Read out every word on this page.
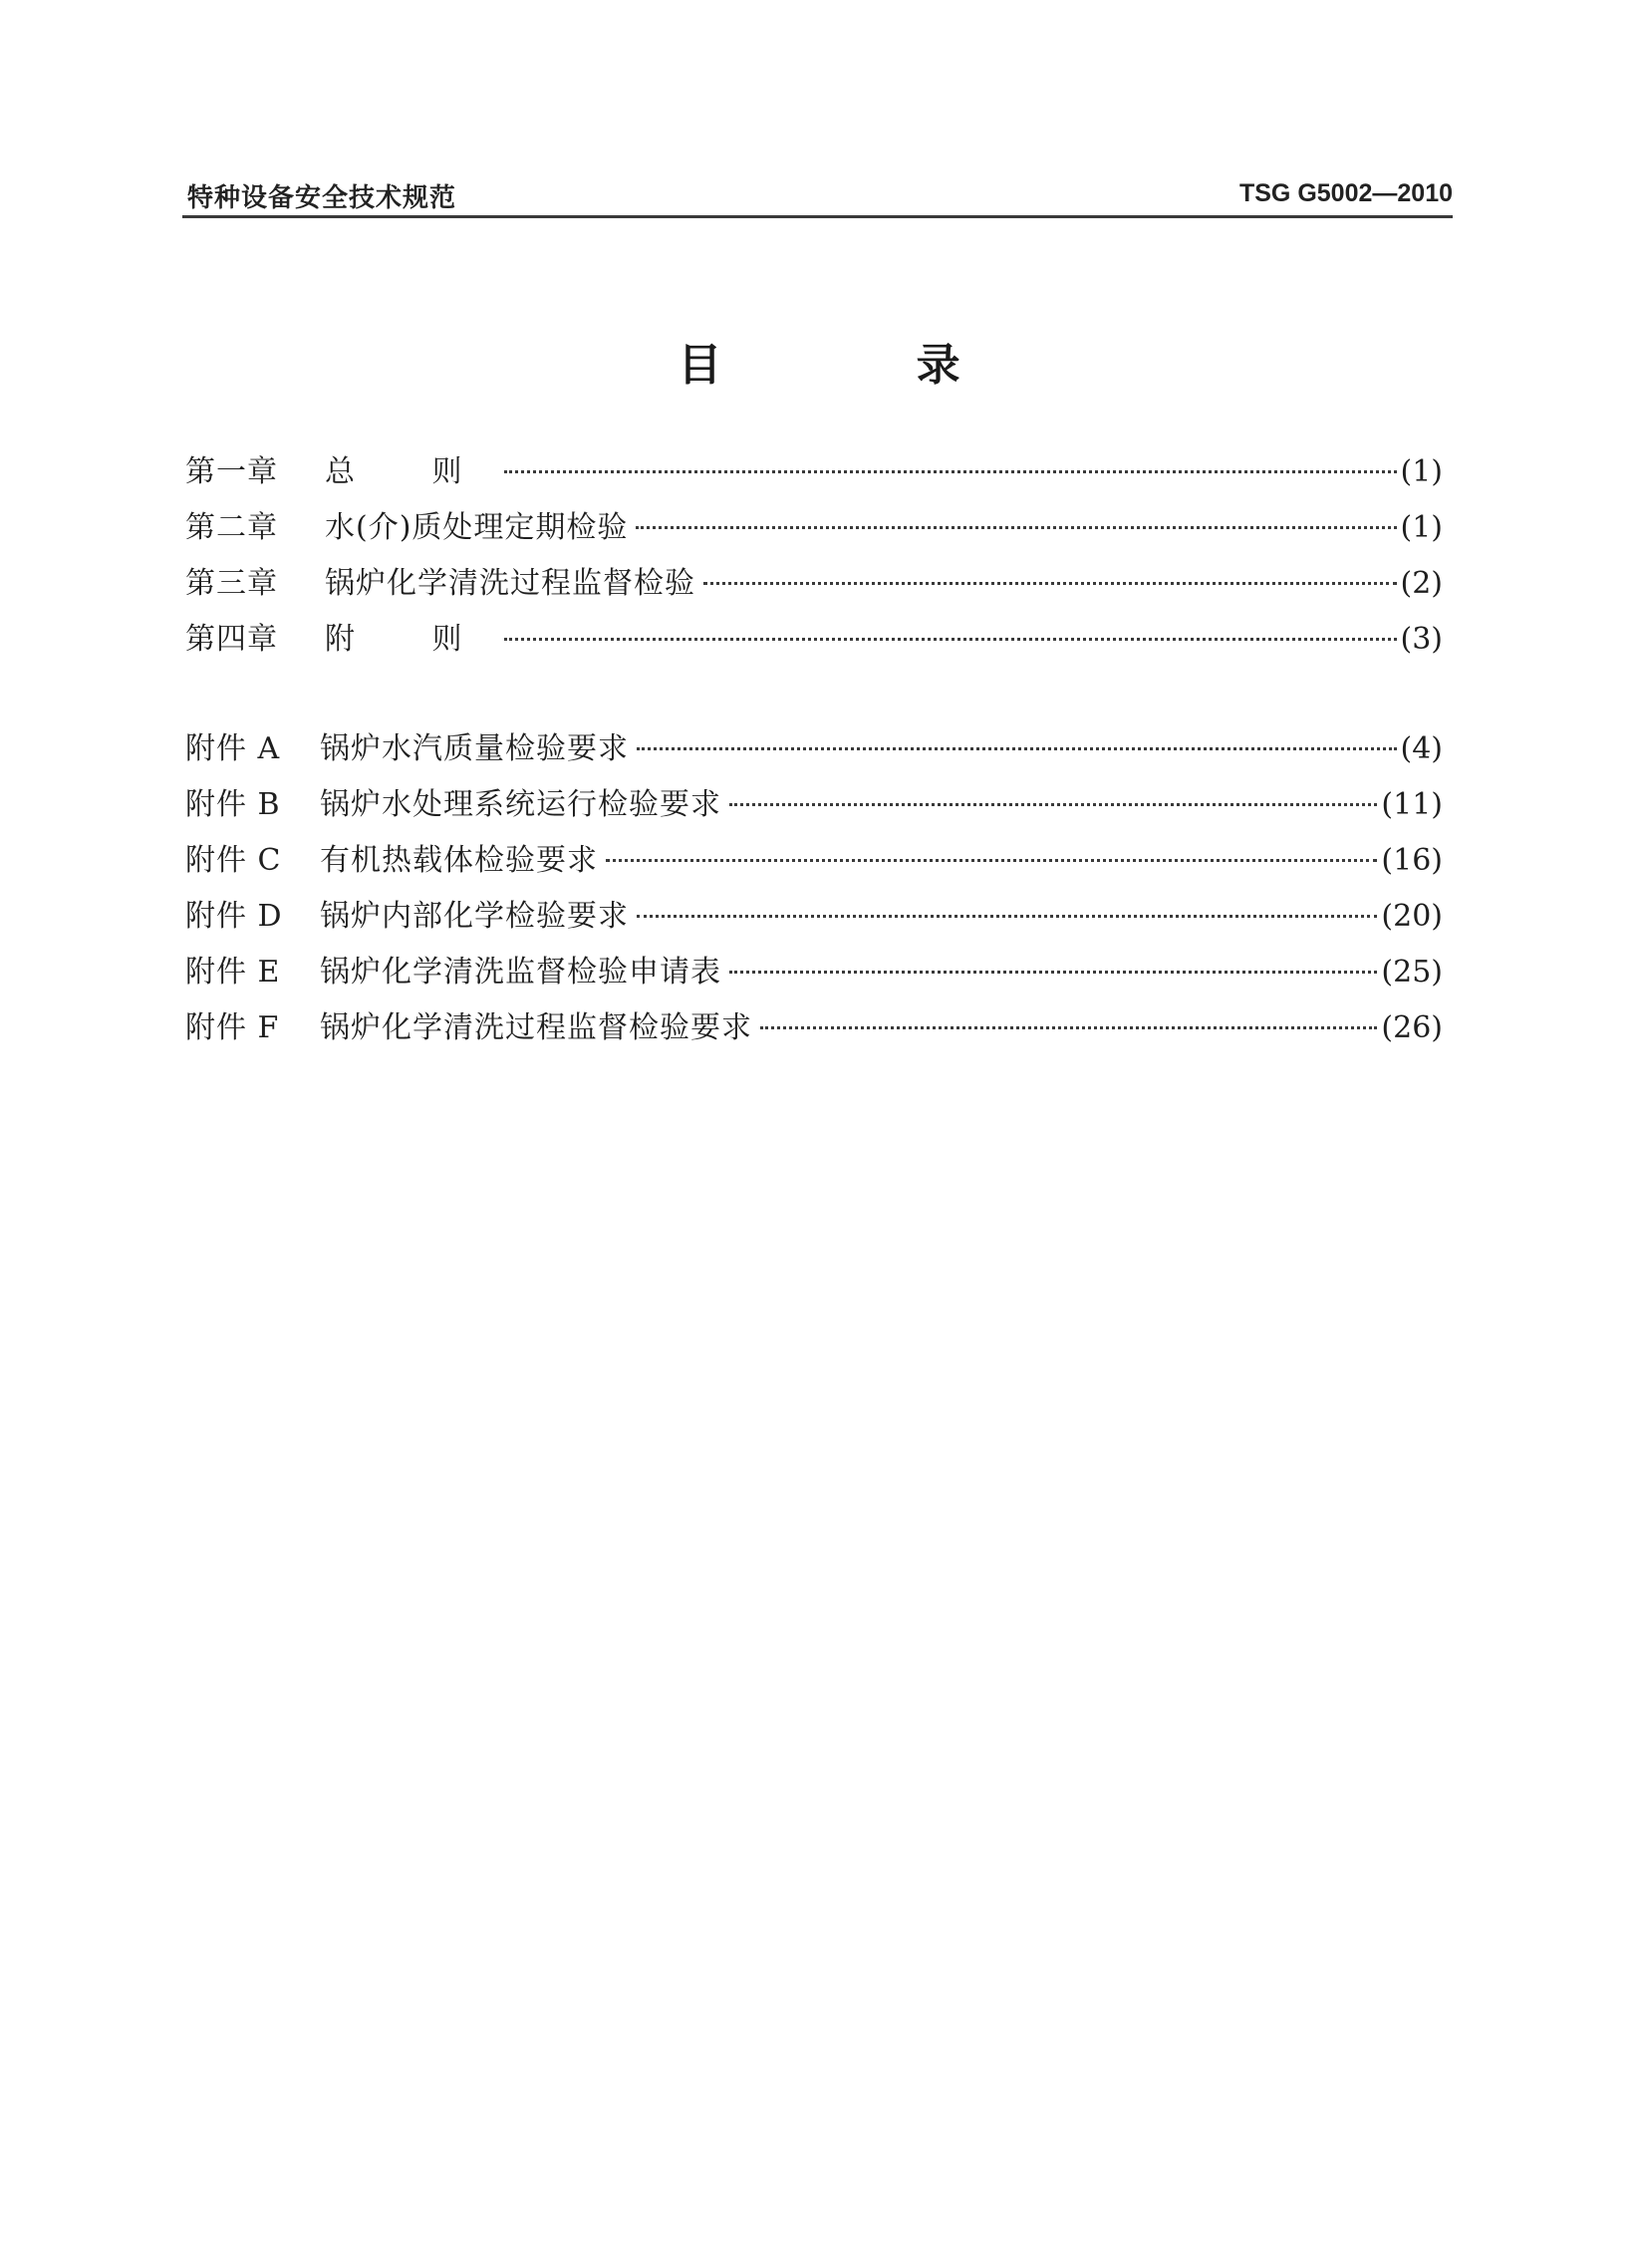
特种设备安全技术规范	TSG G5002—2010
目 录
第一章	总 则	(1)
第二章	水(介)质处理定期检验	(1)
第三章	锅炉化学清洗过程监督检验	(2)
第四章	附 则	(3)
附件 A	锅炉水汽质量检验要求	(4)
附件 B	锅炉水处理系统运行检验要求	(11)
附件 C	有机热载体检验要求	(16)
附件 D	锅炉内部化学检验要求	(20)
附件 E	锅炉化学清洗监督检验申请表	(25)
附件 F	锅炉化学清洗过程监督检验要求	(26)
